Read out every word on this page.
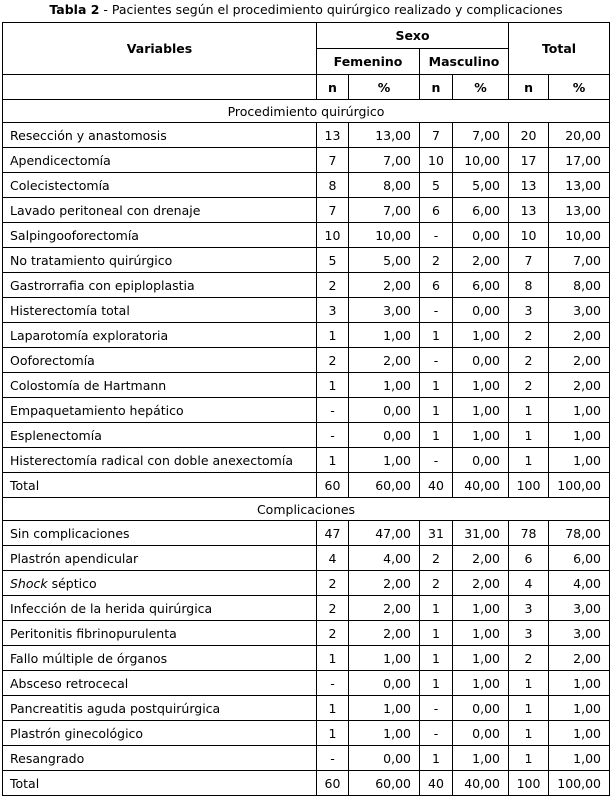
Tabla 2 - Pacientes según el procedimiento quirúrgico realizado y complicaciones
Variables	Sexo				Total	
	Femenino		Masculino			
	n	%	n	%	n	%
Procedimiento quirúrgico						
Resección y anastomosis	13	13,00	7	7,00	20	20,00
Apendicectomía	7	7,00	10	10,00	17	17,00
Colecistectomía	8	8,00	5	5,00	13	13,00
Lavado peritoneal con drenaje	7	7,00	6	6,00	13	13,00
Salpingooforectomía	10	10,00	-	0,00	10	10,00
No tratamiento quirúrgico	5	5,00	2	2,00	7	7,00
Gastrorrafia con epiploplastia	2	2,00	6	6,00	8	8,00
Histerectomía total	3	3,00	-	0,00	3	3,00
Laparotomía exploratoria	1	1,00	1	1,00	2	2,00
Ooforectomía	2	2,00	-	0,00	2	2,00
Colostomía de Hartmann	1	1,00	1	1,00	2	2,00
Empaquetamiento hepático	-	0,00	1	1,00	1	1,00
Esplenectomía	-	0,00	1	1,00	1	1,00
Histerectomía radical con doble anexectomía	1	1,00	-	0,00	1	1,00
Total	60	60,00	40	40,00	100	100,00
Complicaciones						
Sin complicaciones	47	47,00	31	31,00	78	78,00
Plastrón apendicular	4	4,00	2	2,00	6	6,00
Shock séptico	2	2,00	2	2,00	4	4,00
Infección de la herida quirúrgica	2	2,00	1	1,00	3	3,00
Peritonitis fibrinopurulenta	2	2,00	1	1,00	3	3,00
Fallo múltiple de órganos	1	1,00	1	1,00	2	2,00
Absceso retrocecal	-	0,00	1	1,00	1	1,00
Pancreatitis aguda postquirúrgica	1	1,00	-	0,00	1	1,00
Plastrón ginecológico	1	1,00	-	0,00	1	1,00
Resangrado	-	0,00	1	1,00	1	1,00
Total	60	60,00	40	40,00	100	100,00
